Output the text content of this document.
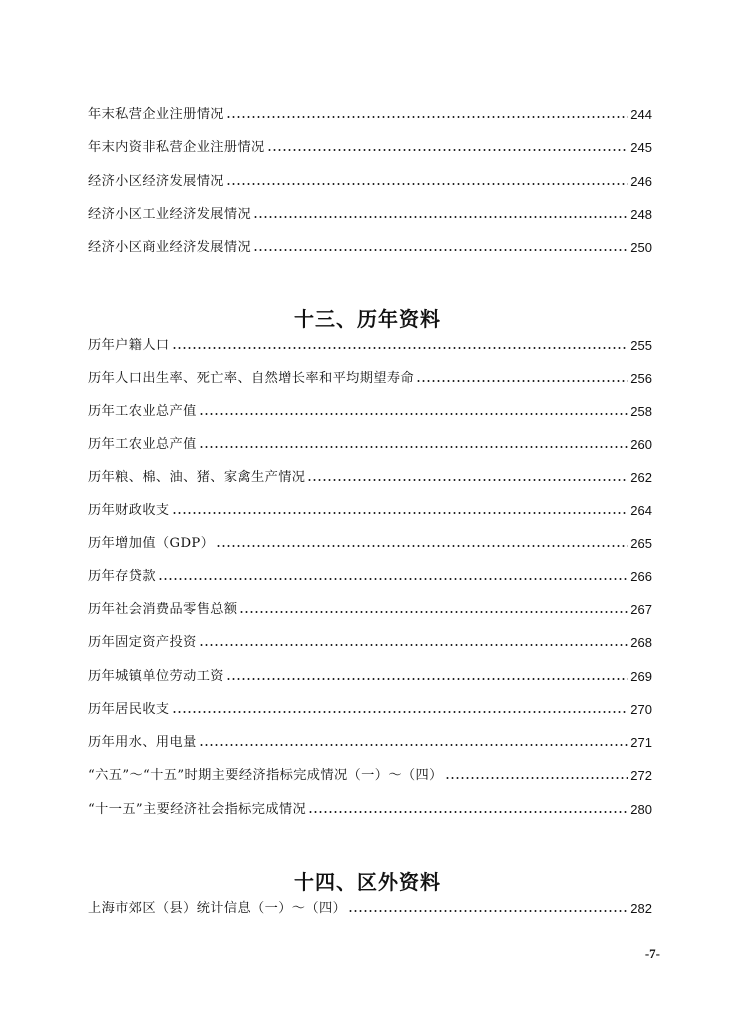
年末私营企业注册情况	244
年末内资非私营企业注册情况	245
经济小区经济发展情况	246
经济小区工业经济发展情况	248
经济小区商业经济发展情况	250
十三、历年资料
历年户籍人口	255
历年人口出生率、死亡率、自然增长率和平均期望寿命	256
历年工农业总产值	258
历年工农业总产值	260
历年粮、棉、油、猪、家禽生产情况	262
历年财政收支	264
历年增加值（GDP）	265
历年存贷款	266
历年社会消费品零售总额	267
历年固定资产投资	268
历年城镇单位劳动工资	269
历年居民收支	270
历年用水、用电量	271
“六五”～“十五”时期主要经济指标完成情况（一）～（四）	272
“十一五”主要经济社会指标完成情况	280
十四、区外资料
上海市郊区（县）统计信息（一）～（四）	282
-7-
